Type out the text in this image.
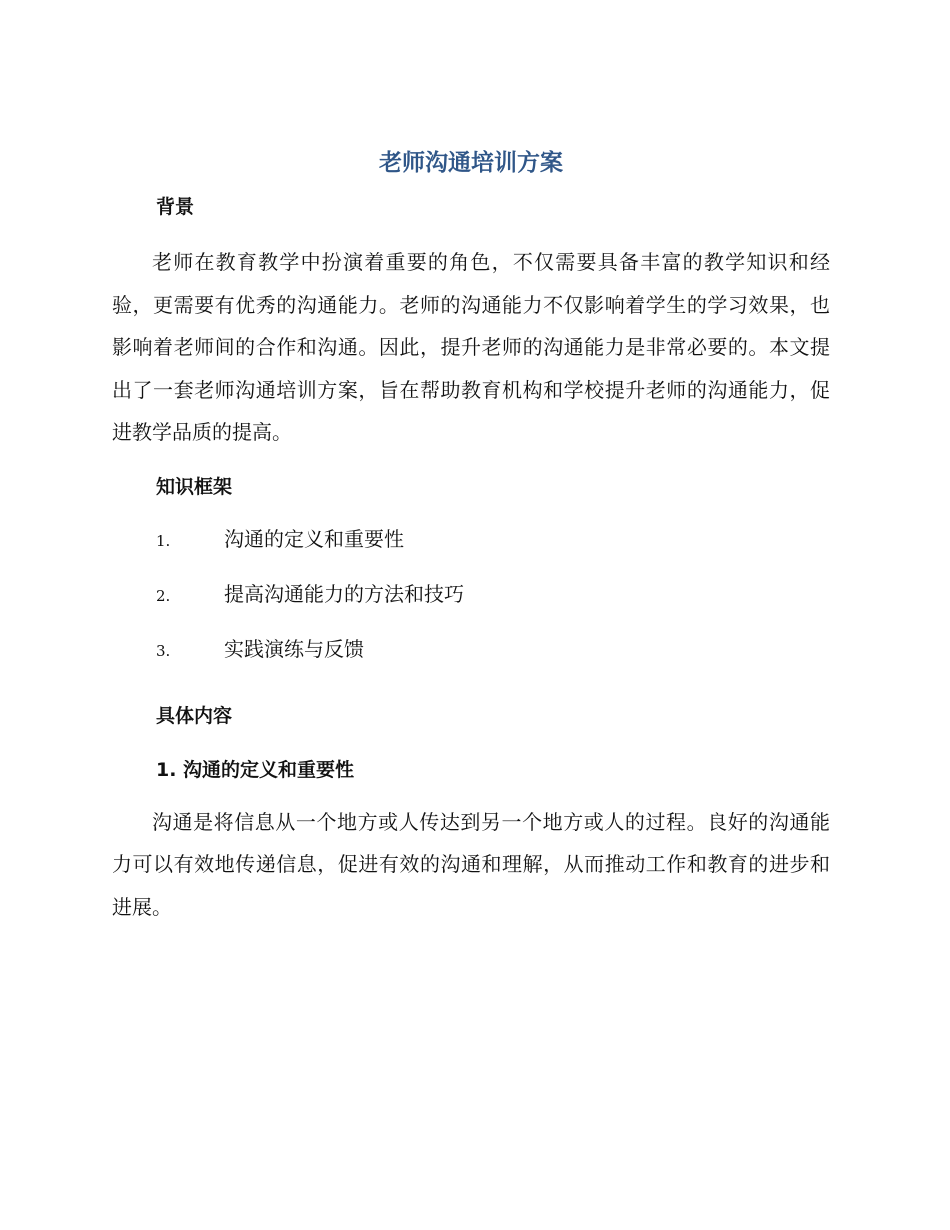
老师沟通培训方案
背景

老师在教育教学中扮演着重要的角色，不仅需要具备丰富的教学知识和经验，更需要有优秀的沟通能力。老师的沟通能力不仅影响着学生的学习效果，也影响着老师间的合作和沟通。因此，提升老师的沟通能力是非常必要的。本文提出了一套老师沟通培训方案，旨在帮助教育机构和学校提升老师的沟通能力，促进教学品质的提高。

知识框架
1.	沟通的定义和重要性
2.	提高沟通能力的方法和技巧
3.	实践演练与反馈
具体内容
1. 沟通的定义和重要性

沟通是将信息从一个地方或人传达到另一个地方或人的过程。良好的沟通能力可以有效地传递信息，促进有效的沟通和理解，从而推动工作和教育的进步和进展。
